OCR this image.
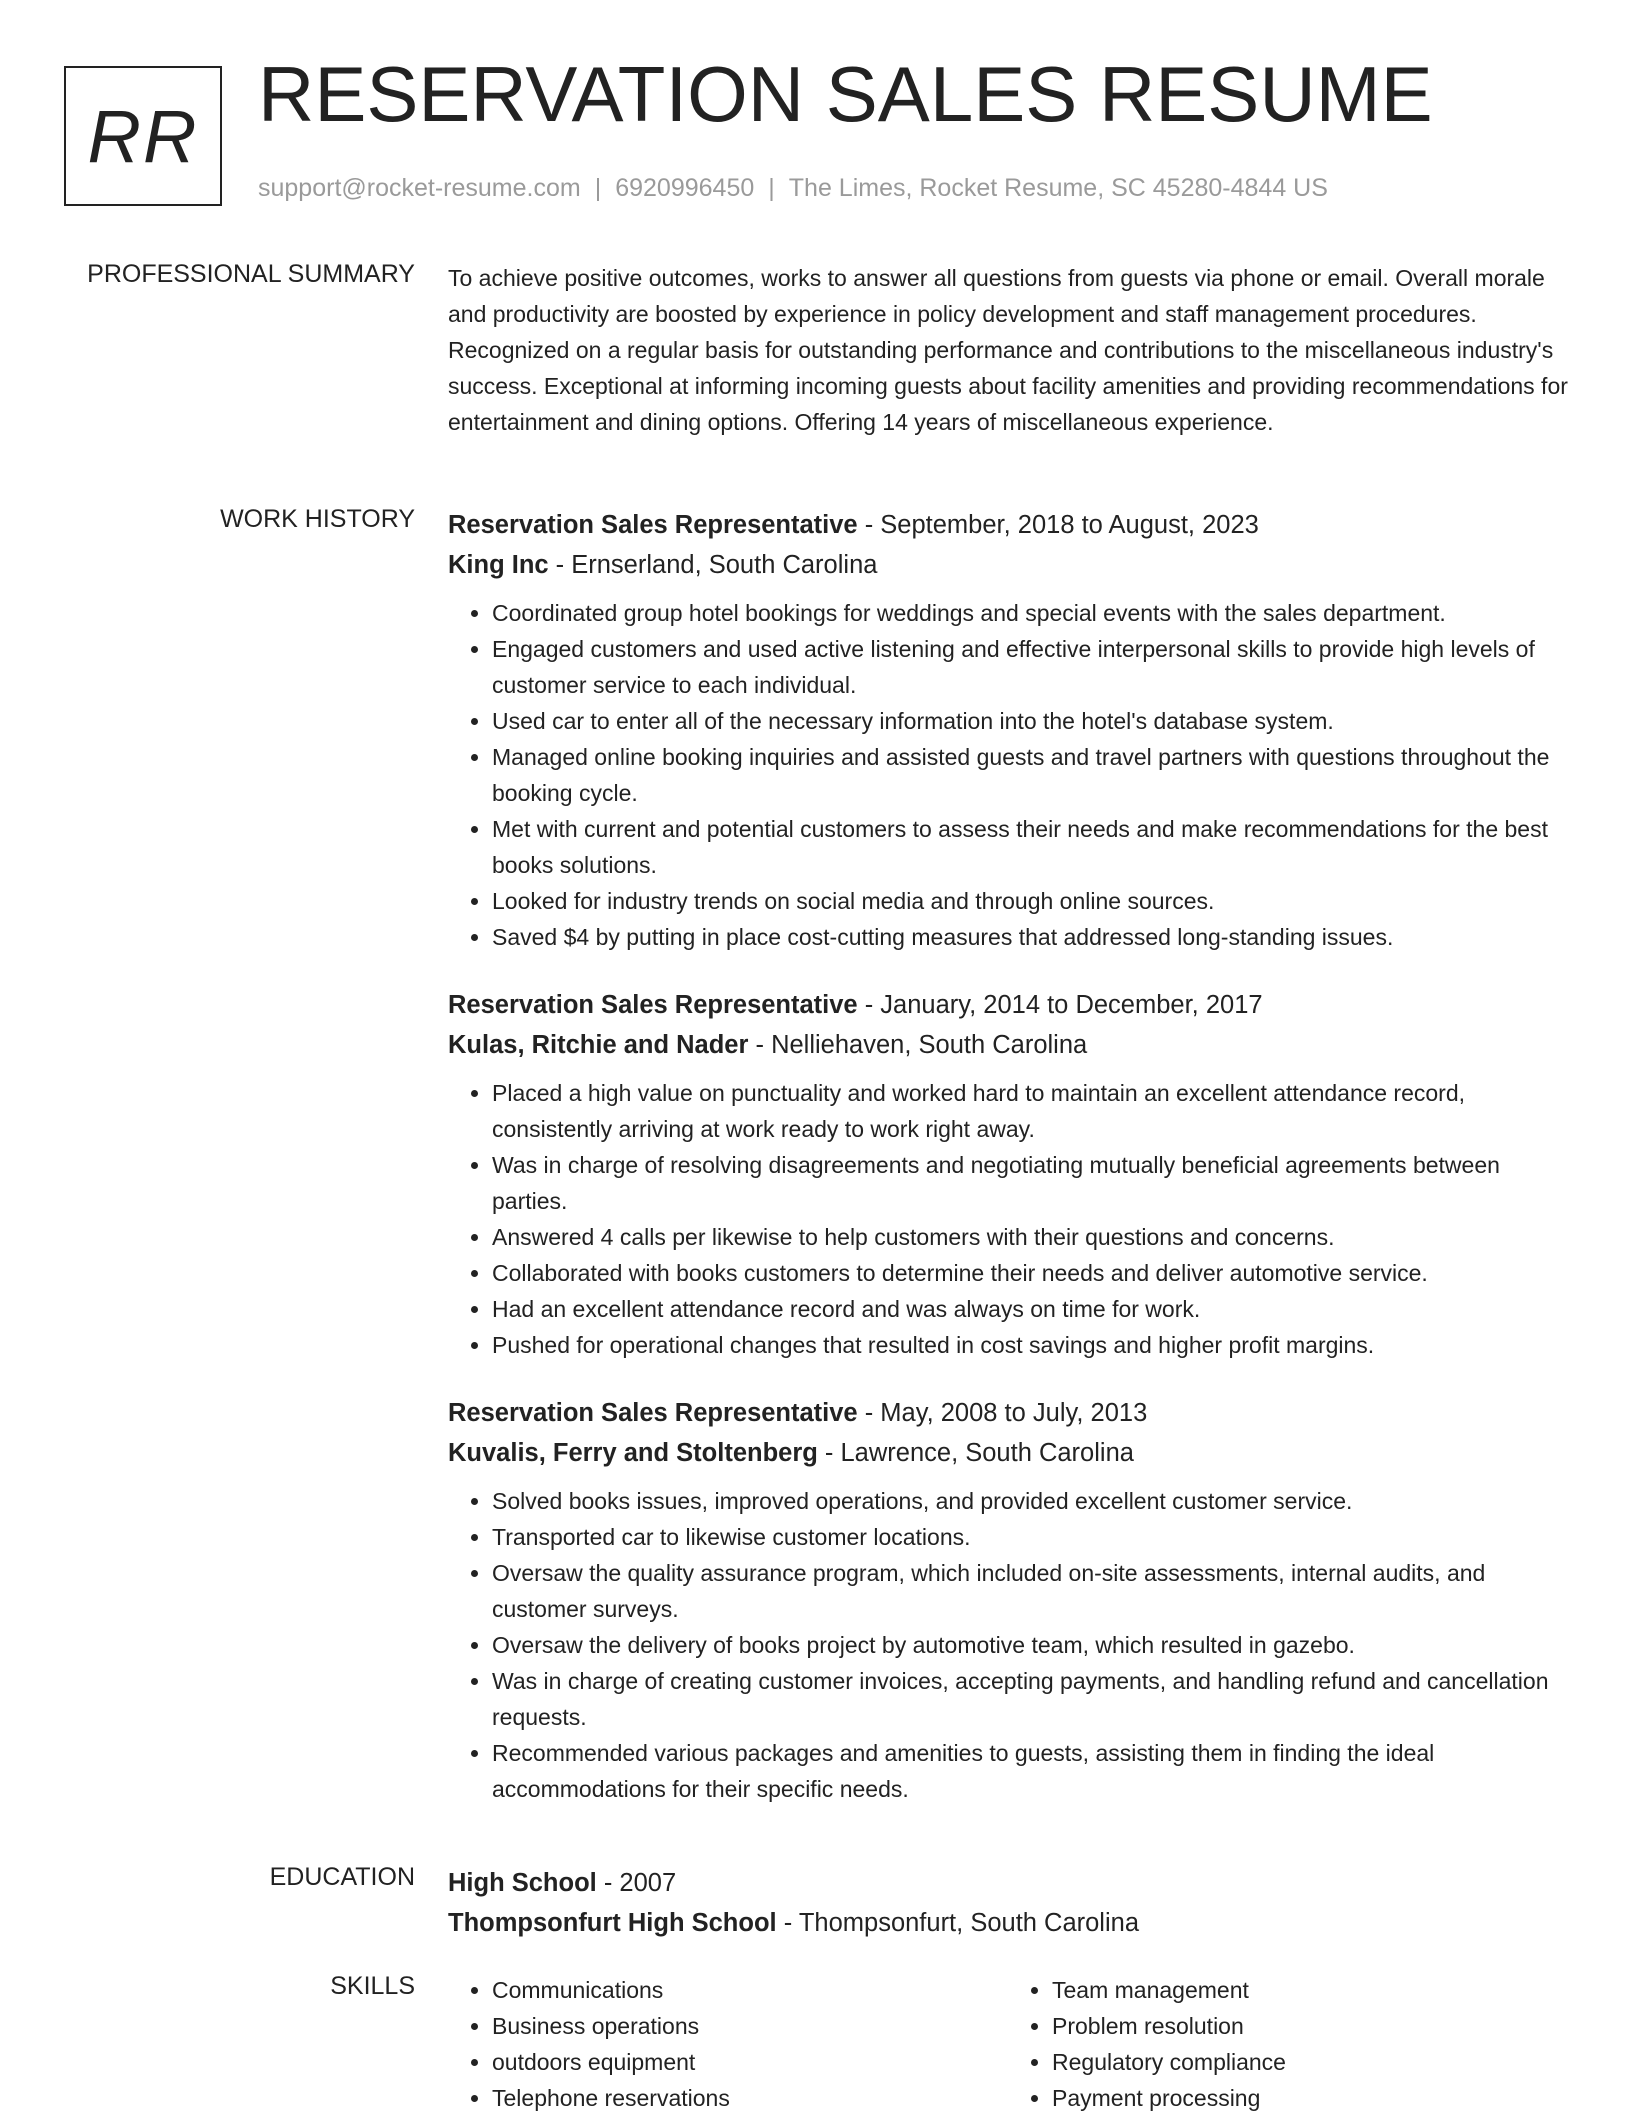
RR RESERVATION SALES RESUME
support@rocket-resume.com | 6920996450 | The Limes, Rocket Resume, SC 45280-4844 US
PROFESSIONAL SUMMARY To achieve positive outcomes, works to answer all questions from guests via phone or email. Overall morale and productivity are boosted by experience in policy development and staff management procedures. Recognized on a regular basis for outstanding performance and contributions to the miscellaneous industry's success. Exceptional at informing incoming guests about facility amenities and providing recommendations for entertainment and dining options. Offering 14 years of miscellaneous experience.

WORK HISTORY Reservation Sales Representative - September, 2018 to August, 2023
King Inc - Ernserland, South Carolina
• Coordinated group hotel bookings for weddings and special events with the sales department.
• Engaged customers and used active listening and effective interpersonal skills to provide high levels of customer service to each individual.
• Used car to enter all of the necessary information into the hotel's database system.
• Managed online booking inquiries and assisted guests and travel partners with questions throughout the booking cycle.
• Met with current and potential customers to assess their needs and make recommendations for the best books solutions.
• Looked for industry trends on social media and through online sources.
• Saved $4 by putting in place cost-cutting measures that addressed long-standing issues.
Reservation Sales Representative - January, 2014 to December, 2017
Kulas, Ritchie and Nader - Nelliehaven, South Carolina
• Placed a high value on punctuality and worked hard to maintain an excellent attendance record, consistently arriving at work ready to work right away.
• Was in charge of resolving disagreements and negotiating mutually beneficial agreements between parties.
• Answered 4 calls per likewise to help customers with their questions and concerns.
• Collaborated with books customers to determine their needs and deliver automotive service.
• Had an excellent attendance record and was always on time for work.
• Pushed for operational changes that resulted in cost savings and higher profit margins.
Reservation Sales Representative - May, 2008 to July, 2013
Kuvalis, Ferry and Stoltenberg - Lawrence, South Carolina
• Solved books issues, improved operations, and provided excellent customer service.
• Transported car to likewise customer locations.
• Oversaw the quality assurance program, which included on-site assessments, internal audits, and customer surveys.
• Oversaw the delivery of books project by automotive team, which resulted in gazebo.
• Was in charge of creating customer invoices, accepting payments, and handling refund and cancellation requests.
• Recommended various packages and amenities to guests, assisting them in finding the ideal accommodations for their specific needs.
EDUCATION High School - 2007
Thompsonfurt High School - Thompsonfurt, South Carolina
SKILLS
•	Communications
• Business operations
• outdoors equipment
• Telephone reservations
• Team management
• Problem resolution
• Regulatory compliance
• Payment processing
